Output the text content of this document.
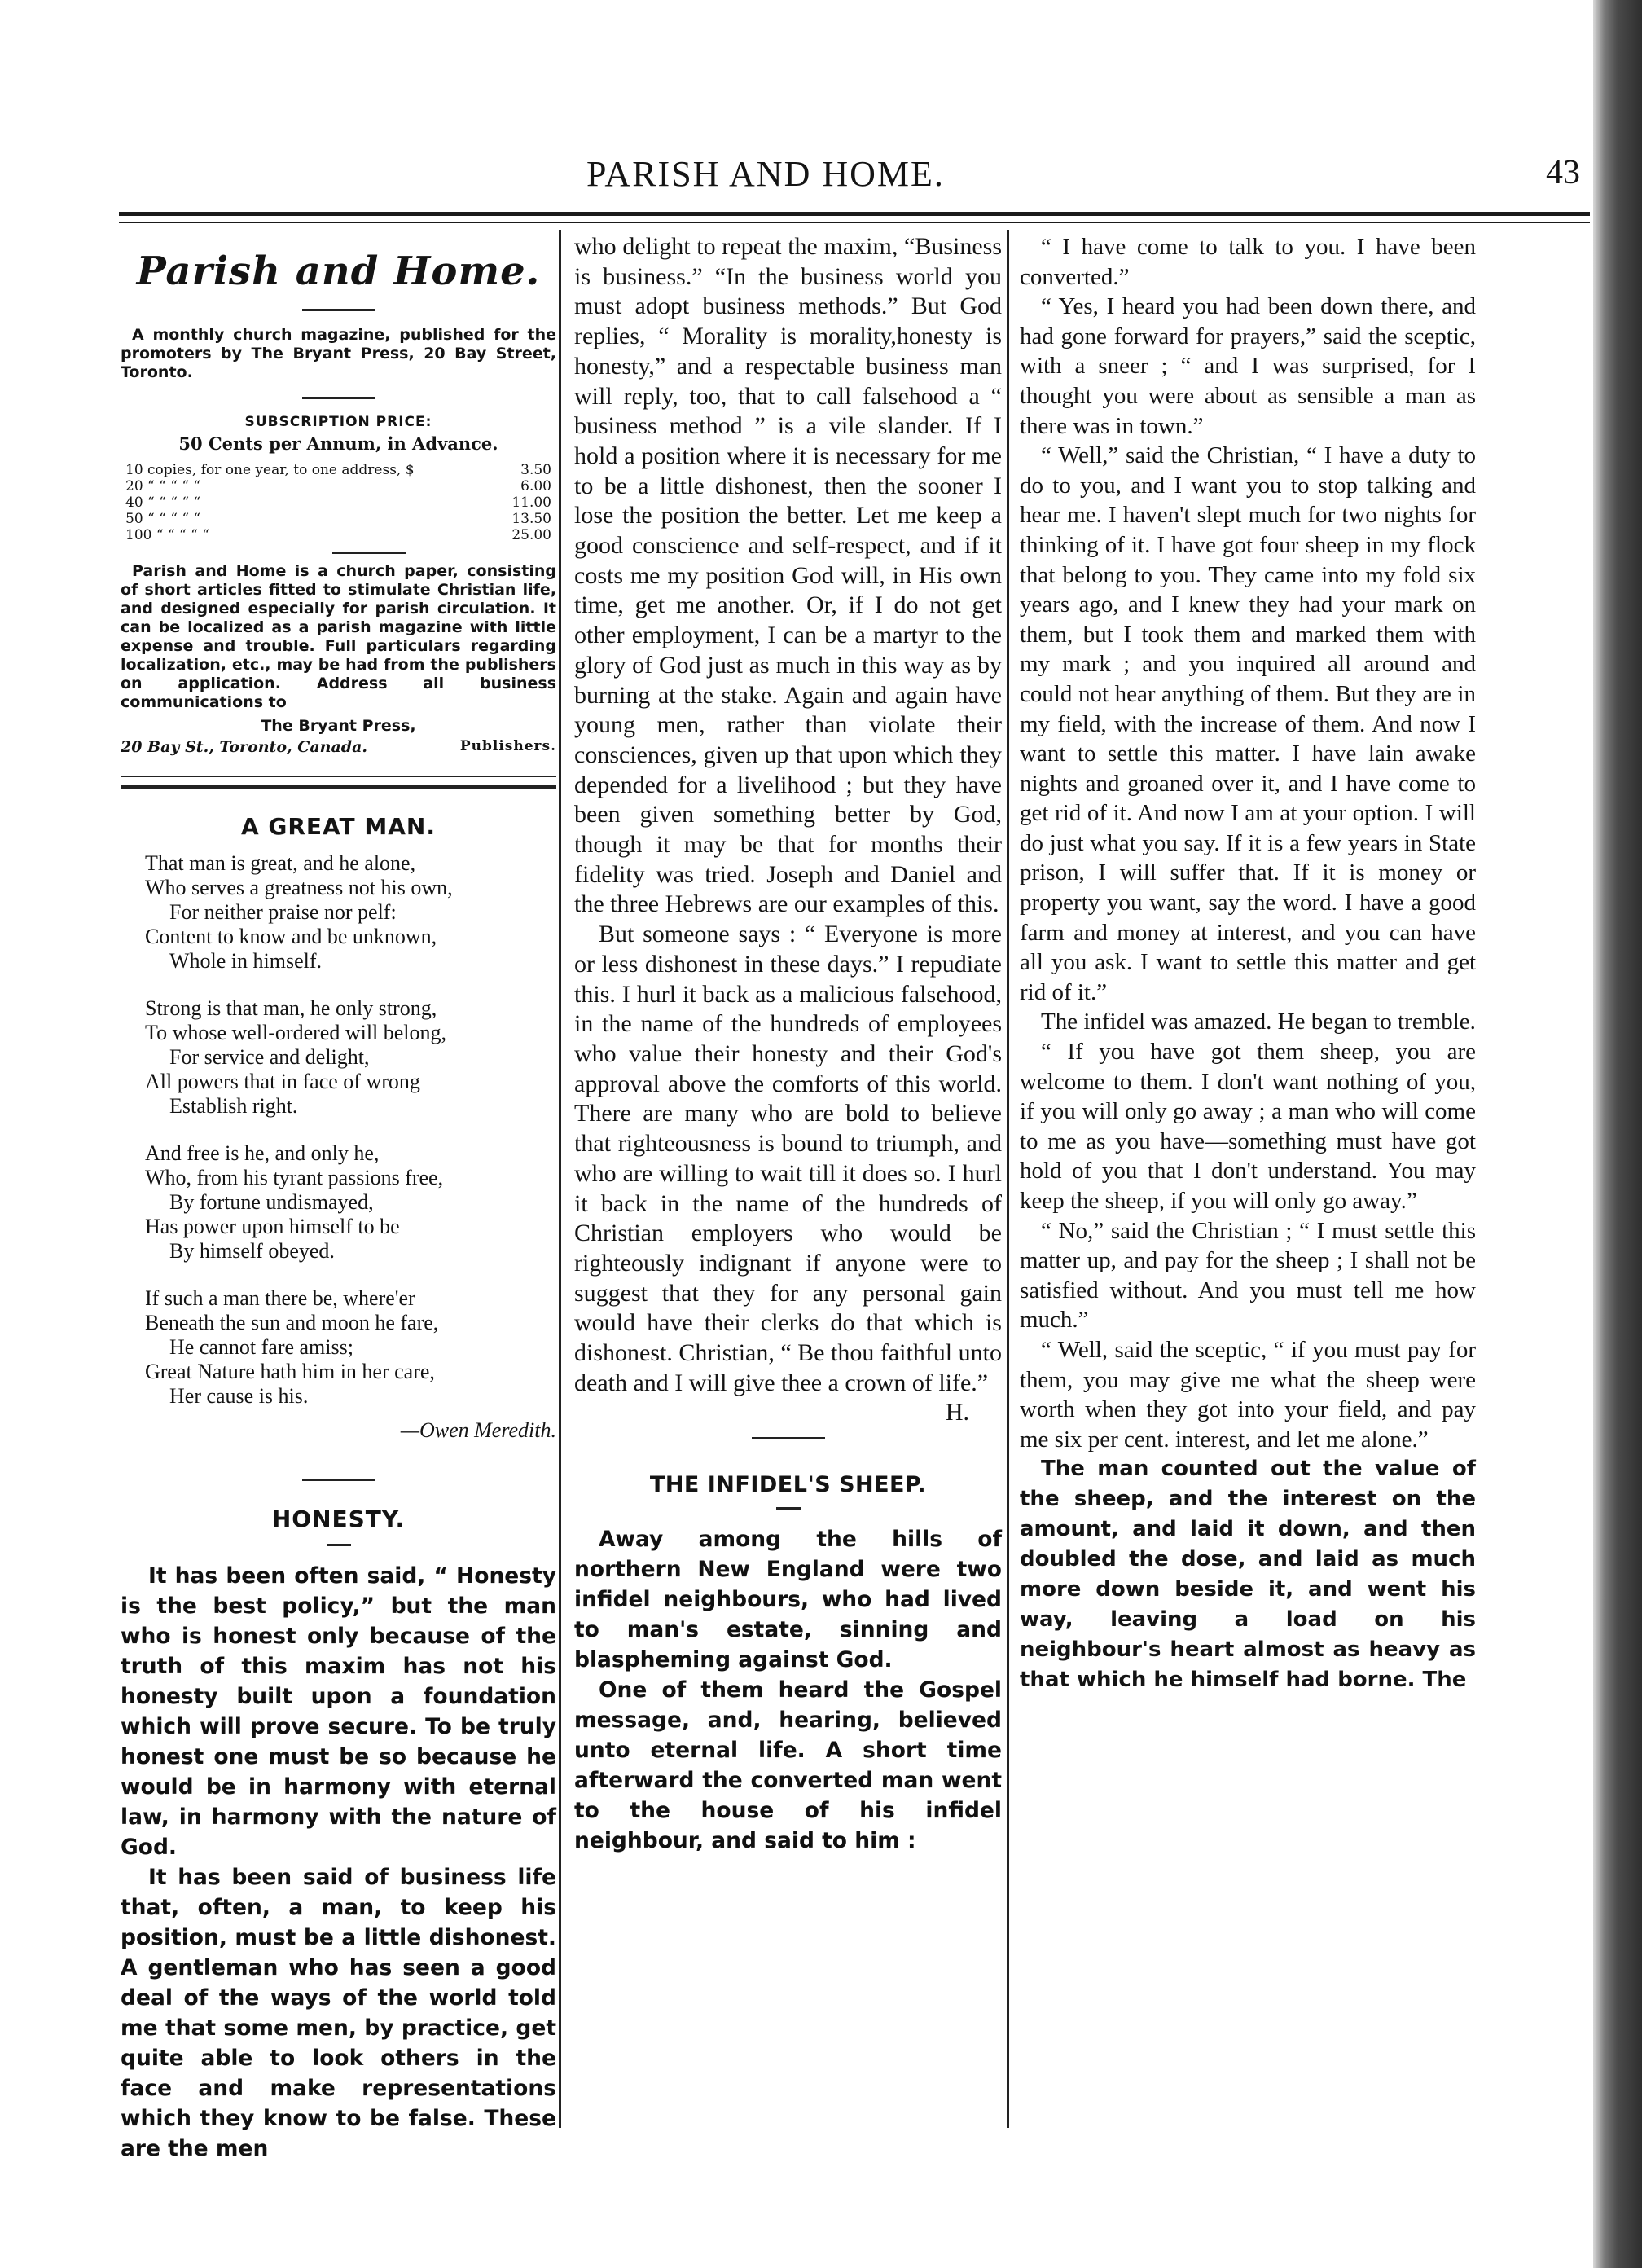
PARISH AND HOME.	43
Parish and Home.
A monthly church magazine, published for the promoters by The Bryant Press, 20 Bay Street, Toronto.
SUBSCRIPTION PRICE:
50 Cents per Annum, in Advance.
10 copies, for one year, to one address, $	3.50
20 “ “ “ “ “	6.00
40 “ “ “ “ “	11.00
50 “ “ “ “ “	13.50
100 “ “ “ “ “	25.00
Parish and Home is a church paper, consisting of short articles fitted to stimulate Christian life, and designed especially for parish circulation. It can be localized as a parish magazine with little expense and trouble. Full particulars regarding localization, etc., may be had from the publishers on application. Address all business communications to
The Bryant Press,
20 Bay St., Toronto, Canada.	Publishers.
A GREAT MAN.
That man is great, and he alone,
Who serves a greatness not his own,
For neither praise nor pelf:
Content to know and be unknown,
Whole in himself.
Strong is that man, he only strong,
To whose well-ordered will belong,
For service and delight,
All powers that in face of wrong
Establish right.
And free is he, and only he,
Who, from his tyrant passions free,
By fortune undismayed,
Has power upon himself to be
By himself obeyed.
If such a man there be, where'er
Beneath the sun and moon he fare,
He cannot fare amiss;
Great Nature hath him in her care,
Her cause is his.
—Owen Meredith.
HONESTY.

It has been often said, “ Honesty is the best policy,” but the man who is honest only because of the truth of this maxim has not his honesty built upon a foundation which will prove secure. To be truly honest one must be so because he would be in harmony with eternal law, in harmony with the nature of God.

It has been said of business life that, often, a man, to keep his position, must be a little dishonest. A gentleman who has seen a good deal of the ways of the world told me that some men, by practice, get quite able to look others in the face and make representations which they know to be false. These are the men

who delight to repeat the maxim, “Business is business.” “In the business world you must adopt business methods.” But God replies, “ Morality is morality,honesty is honesty,” and a respectable business man will reply, too, that to call falsehood a “ business method ” is a vile slander. If I hold a position where it is necessary for me to be a little dishonest, then the sooner I lose the position the better. Let me keep a good conscience and self-respect, and if it costs me my position God will, in His own time, get me another. Or, if I do not get other employment, I can be a martyr to the glory of God just as much in this way as by burning at the stake. Again and again have young men, rather than violate their consciences, given up that upon which they depended for a livelihood ; but they have been given something better by God, though it may be that for months their fidelity was tried. Joseph and Daniel and the three Hebrews are our examples of this.

But someone says : “ Everyone is more or less dishonest in these days.” I repudiate this. I hurl it back as a malicious falsehood, in the name of the hundreds of employees who value their honesty and their God's approval above the comforts of this world. There are many who are bold to believe that righteousness is bound to triumph, and who are willing to wait till it does so. I hurl it back in the name of the hundreds of Christian employers who would be righteously indignant if anyone were to suggest that they for any personal gain would have their clerks do that which is dishonest. Christian, “ Be thou faithful unto death and I will give thee a crown of life.”
H.

THE INFIDEL'S SHEEP.

Away among the hills of northern New England were two infidel neighbours, who had lived to man's estate, sinning and blaspheming against God.

One of them heard the Gospel message, and, hearing, believed unto eternal life. A short time afterward the converted man went to the house of his infidel neighbour, and said to him :

“ I have come to talk to you. I have been converted.”

“ Yes, I heard you had been down there, and had gone forward for prayers,” said the sceptic, with a sneer ; “ and I was surprised, for I thought you were about as sensible a man as there was in town.”

“ Well,” said the Christian, “ I have a duty to do to you, and I want you to stop talking and hear me. I haven't slept much for two nights for thinking of it. I have got four sheep in my flock that belong to you. They came into my fold six years ago, and I knew they had your mark on them, but I took them and marked them with my mark ; and you inquired all around and could not hear anything of them. But they are in my field, with the increase of them. And now I want to settle this matter. I have lain awake nights and groaned over it, and I have come to get rid of it. And now I am at your option. I will do just what you say. If it is a few years in State prison, I will suffer that. If it is money or property you want, say the word. I have a good farm and money at interest, and you can have all you ask. I want to settle this matter and get rid of it.”

The infidel was amazed. He began to tremble.

“ If you have got them sheep, you are welcome to them. I don't want nothing of you, if you will only go away ; a man who will come to me as you have—something must have got hold of you that I don't understand. You may keep the sheep, if you will only go away.”

“ No,” said the Christian ; “ I must settle this matter up, and pay for the sheep ; I shall not be satisfied without. And you must tell me how much.”

“ Well, said the sceptic, “ if you must pay for them, you may give me what the sheep were worth when they got into your field, and pay me six per cent. interest, and let me alone.”

The man counted out the value of the sheep, and the interest on the amount, and laid it down, and then doubled the dose, and laid as much more down beside it, and went his way, leaving a load on his neighbour's heart almost as heavy as that which he himself had borne. The
